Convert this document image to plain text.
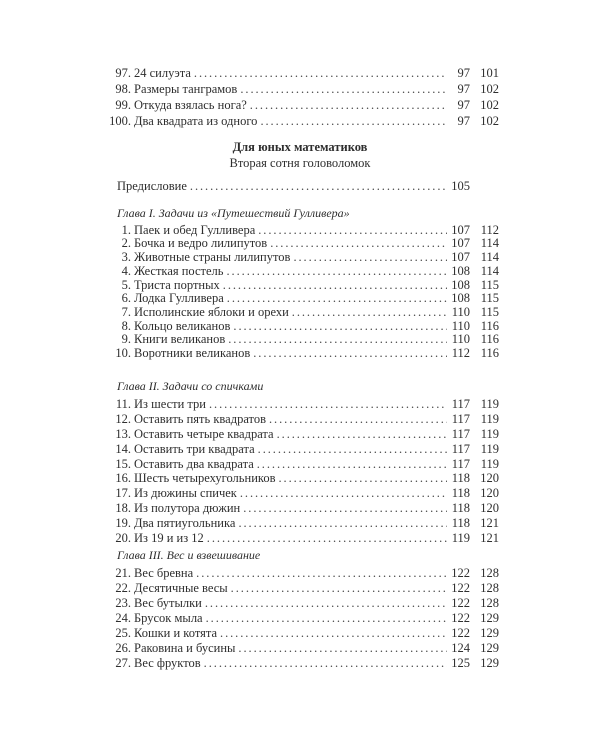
97. 24 силуэта . . .	97 101
98. Размеры танграмов . . .	97 102
99. Откуда взялась нога? . . .	97 102
100. Два квадрата из одного . . .	97 102
Для юных математиков
Вторая сотня головоломок
Предисловие . . .	105
Глава I. Задачи из «Путешествий Гулливера»
1. Паек и обед Гулливера . . .	107 112
2. Бочка и ведро лилипутов . . .	107 114
3. Животные страны лилипутов . . .	107 114
4. Жесткая постель . . .	108 114
5. Триста портных . . .	108 115
6. Лодка Гулливера . . .	108 115
7. Исполинские яблоки и орехи . . .	110 115
8. Кольцо великанов . . .	110 116
9. Книги великанов . . .	110 116
10. Воротники великанов . . .	112 116
Глава II. Задачи со спичками
11. Из шести три . . .	117 119
12. Оставить пять квадратов . . .	117 119
13. Оставить четыре квадрата . . .	117 119
14. Оставить три квадрата . . .	117 119
15. Оставить два квадрата . . .	117 119
16. Шесть четырехугольников . . .	118 120
17. Из дюжины спичек . . .	118 120
18. Из полутора дюжин . . .	118 120
19. Два пятиугольника . . .	118 121
20. Из 19 и из 12 . . .	119 121
Глава III. Вес и взвешивание
21. Вес бревна . . .	122 128
22. Десятичные весы . . .	122 128
23. Вес бутылки . . .	122 128
24. Брусок мыла . . .	122 129
25. Кошки и котята . . .	122 129
26. Раковина и бусины . . .	124 129
27. Вес фруктов . . .	125 129
